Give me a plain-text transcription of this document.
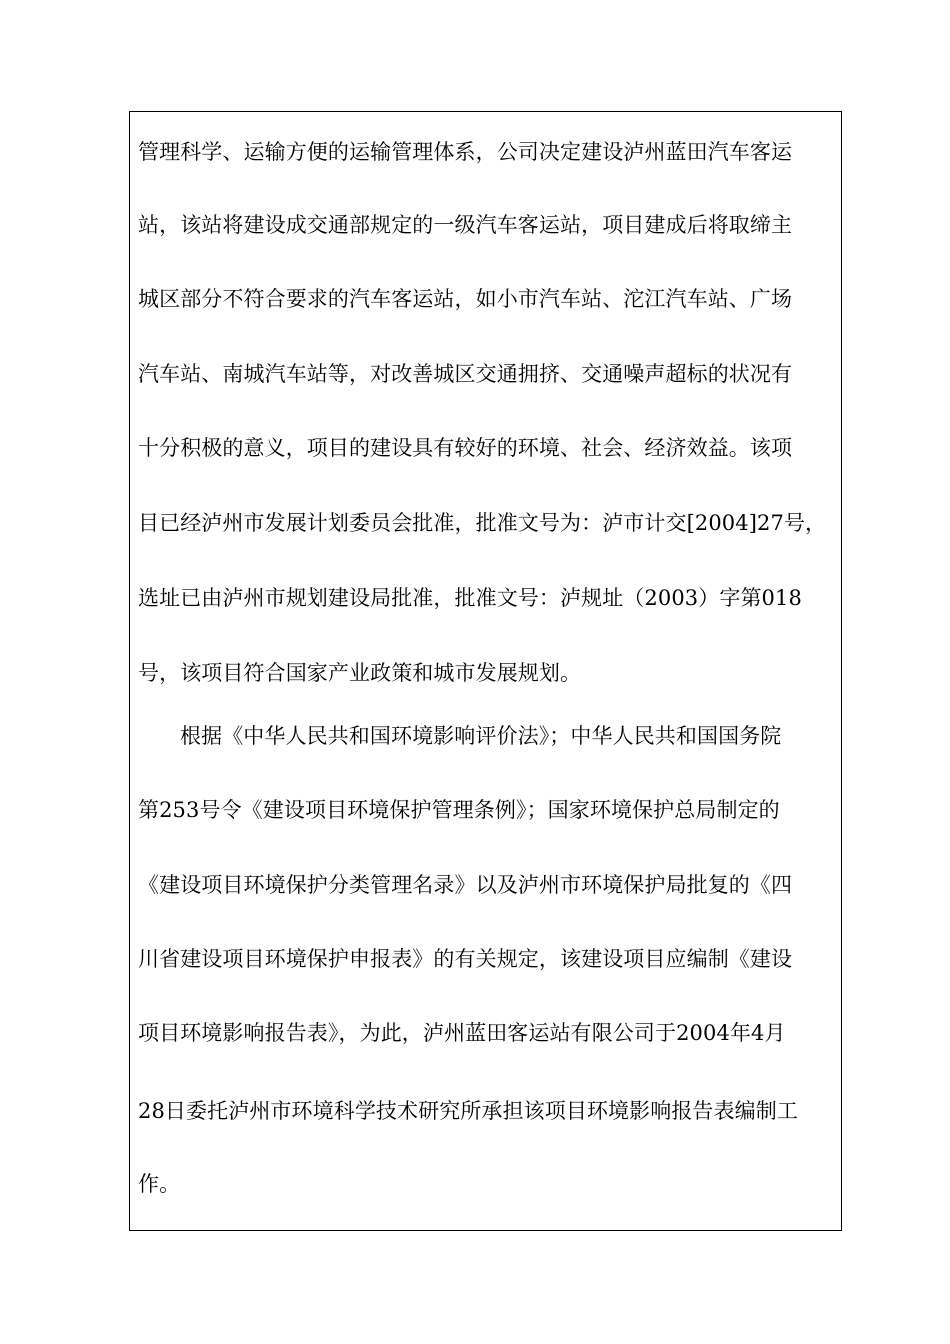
管理科学、运输方便的运输管理体系，公司决定建设泸州蓝田汽车客运
站，该站将建设成交通部规定的一级汽车客运站，项目建成后将取缔主
城区部分不符合要求的汽车客运站，如小市汽车站、沱江汽车站、广场
汽车站、南城汽车站等，对改善城区交通拥挤、交通噪声超标的状况有
十分积极的意义，项目的建设具有较好的环境、社会、经济效益。该项
目已经泸州市发展计划委员会批准，批准文号为：泸市计交[2004]27号，
选址已由泸州市规划建设局批准，批准文号：泸规址（2003）字第018
号，该项目符合国家产业政策和城市发展规划。
根据《中华人民共和国环境影响评价法》；中华人民共和国国务院
第253号令《建设项目环境保护管理条例》；国家环境保护总局制定的
《建设项目环境保护分类管理名录》以及泸州市环境保护局批复的《四
川省建设项目环境保护申报表》的有关规定，该建设项目应编制《建设
项目环境影响报告表》，为此，泸州蓝田客运站有限公司于2004年4月
28日委托泸州市环境科学技术研究所承担该项目环境影响报告表编制工
作。
